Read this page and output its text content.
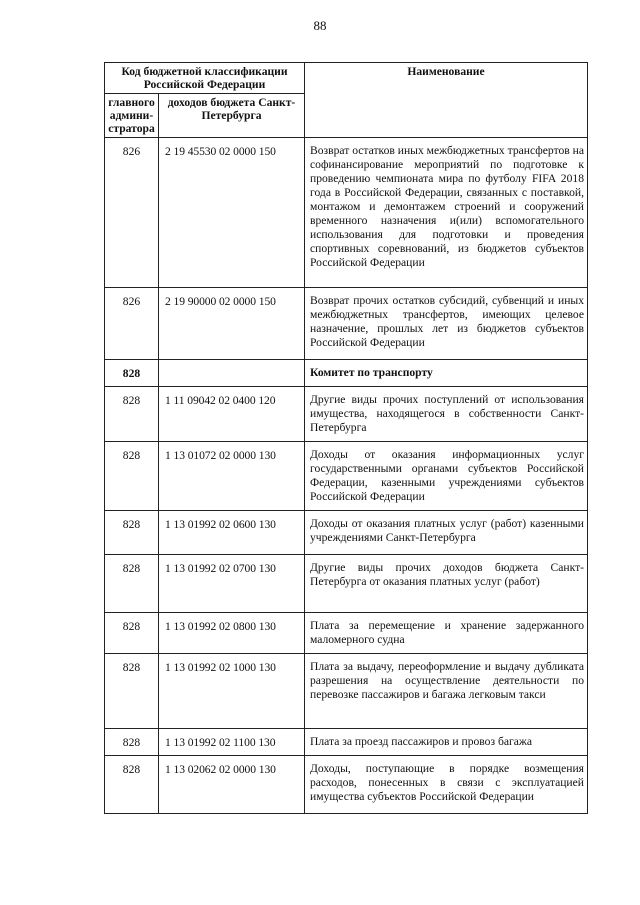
88
Код бюджетной классификации Российской Федерации		Наименование
главного админи-стратора	доходов бюджета Санкт-Петербурга	
826	2 19 45530 02 0000 150	Возврат остатков иных межбюджетных трансфертов на софинансирование мероприятий по подготовке к проведению чемпионата мира по футболу FIFA 2018 года в Российской Федерации, связанных с поставкой, монтажом и демонтажем строений и сооружений временного назначения и(или) вспомогательного использования для подготовки и проведения спортивных соревнований, из бюджетов субъектов Российской Федерации
826	2 19 90000 02 0000 150	Возврат прочих остатков субсидий, субвенций и иных межбюджетных трансфертов, имеющих целевое назначение, прошлых лет из бюджетов субъектов Российской Федерации
828		Комитет по транспорту
828	1 11 09042 02 0400 120	Другие виды прочих поступлений от использования имущества, находящегося в собственности Санкт-Петербурга
828	1 13 01072 02 0000 130	Доходы от оказания информационных услуг государственными органами субъектов Российской Федерации, казенными учреждениями субъектов Российской Федерации
828	1 13 01992 02 0600 130	Доходы от оказания платных услуг (работ) казенными учреждениями Санкт-Петербурга
828	1 13 01992 02 0700 130	Другие виды прочих доходов бюджета Санкт-Петербурга от оказания платных услуг (работ)
828	1 13 01992 02 0800 130	Плата за перемещение и хранение задержанного маломерного судна
828	1 13 01992 02 1000 130	Плата за выдачу, переоформление и выдачу дубликата разрешения на осуществление деятельности по перевозке пассажиров и багажа легковым такси
828	1 13 01992 02 1100 130	Плата за проезд пассажиров и провоз багажа
828	1 13 02062 02 0000 130	Доходы, поступающие в порядке возмещения расходов, понесенных в связи с эксплуатацией имущества субъектов Российской Федерации
